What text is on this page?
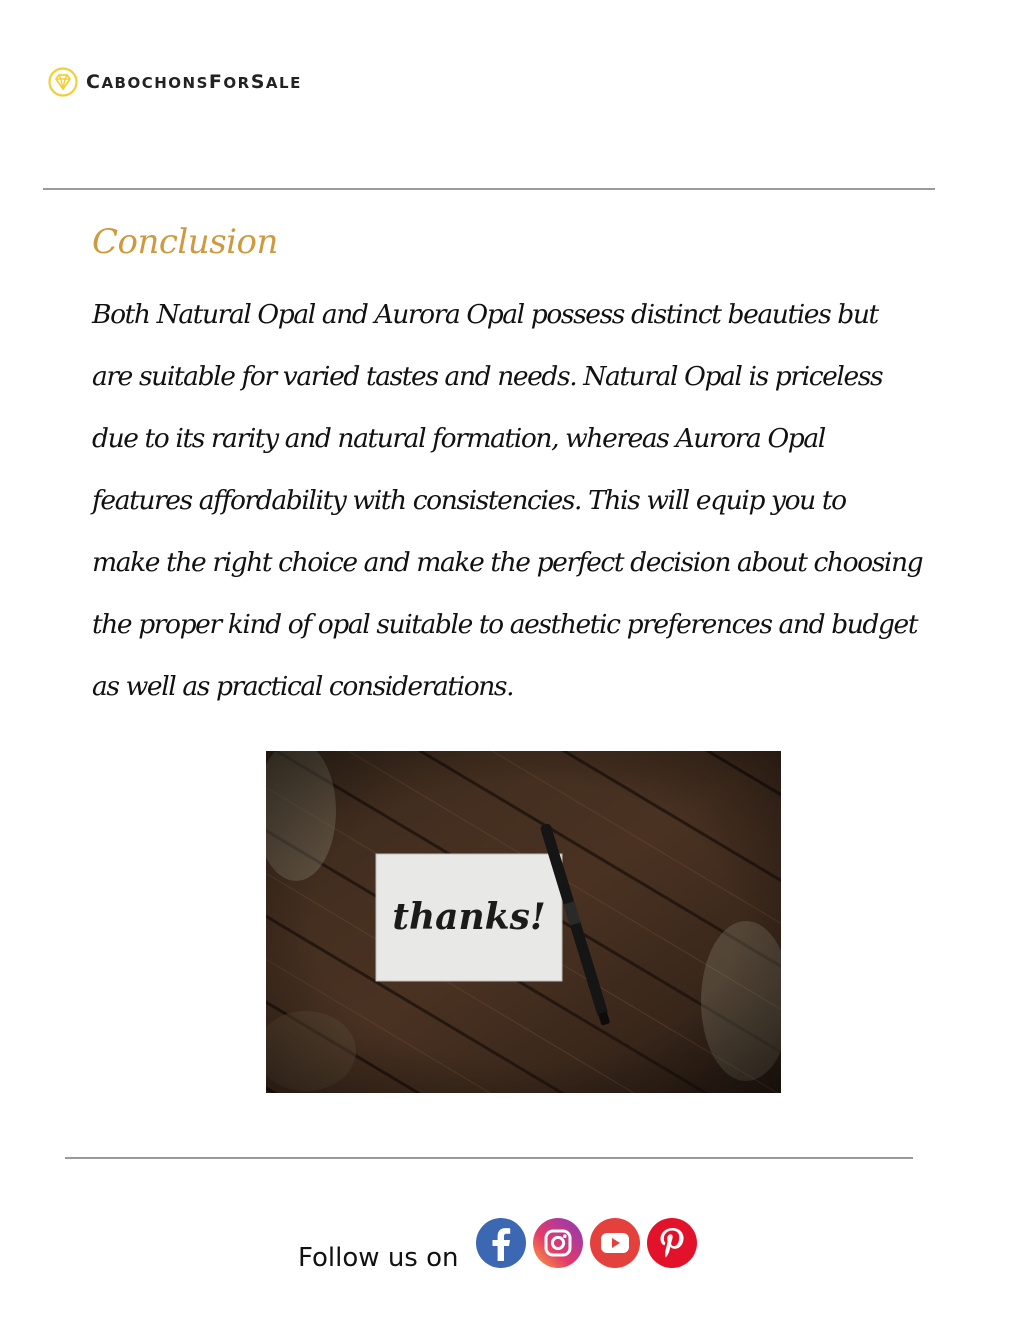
CABOCHONSFORSALE
Conclusion

Both Natural Opal and Aurora Opal possess distinct beauties but
are suitable for varied tastes and needs. Natural Opal is priceless
due to its rarity and natural formation, whereas Aurora Opal
features affordability with consistencies. This will equip you to
make the right choice and make the perfect decision about choosing
the proper kind of opal suitable to aesthetic preferences and budget
as well as practical considerations.

Follow us on
